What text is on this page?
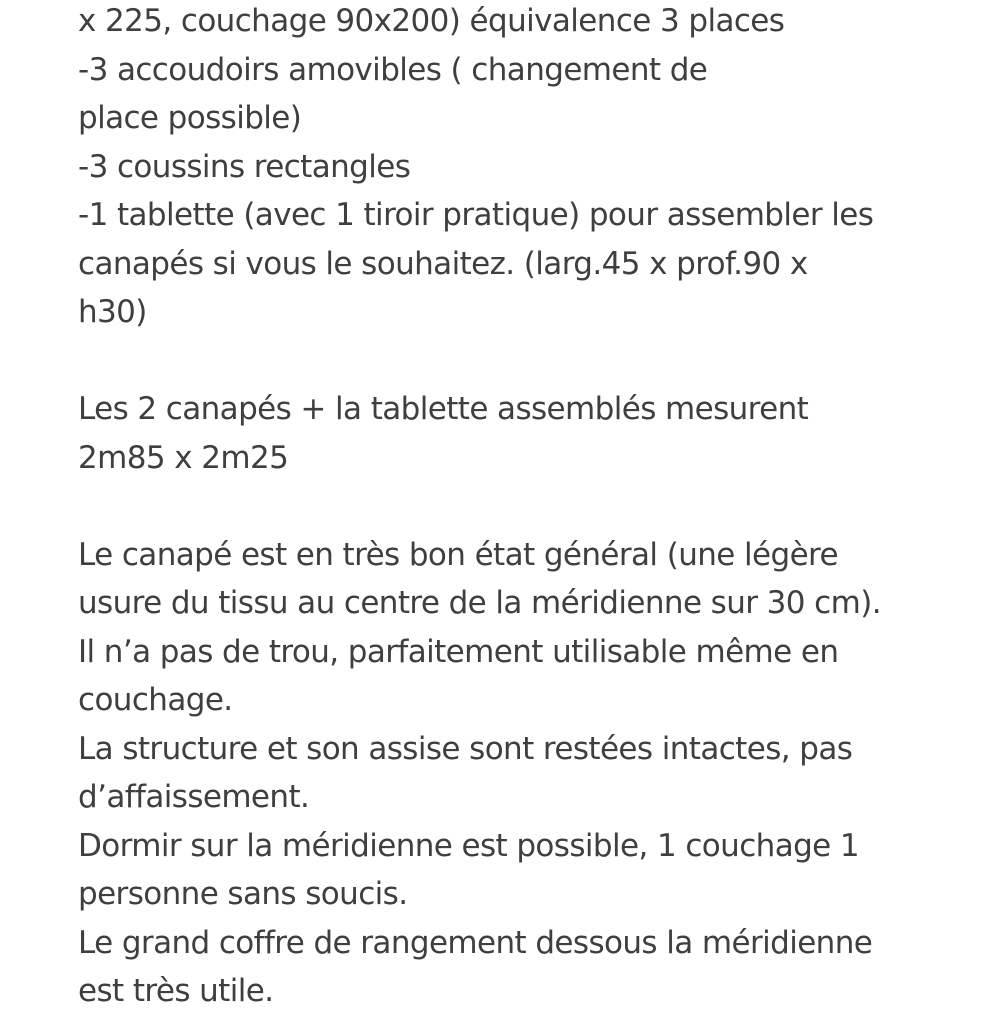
x 225, couchage 90x200) équivalence 3 places
-3 accoudoirs amovibles ( changement de
place possible)
-3 coussins rectangles
-1 tablette (avec 1 tiroir pratique) pour assembler les
canapés si vous le souhaitez. (larg.45 x prof.90 x
h30)
Les 2 canapés + la tablette assemblés mesurent
2m85 x 2m25
Le canapé est en très bon état général (une légère
usure du tissu au centre de la méridienne sur 30 cm).
Il n’a pas de trou, parfaitement utilisable même en
couchage.
La structure et son assise sont restées intactes, pas
d’affaissement.
Dormir sur la méridienne est possible, 1 couchage 1
personne sans soucis.
Le grand coffre de rangement dessous la méridienne
est très utile.
